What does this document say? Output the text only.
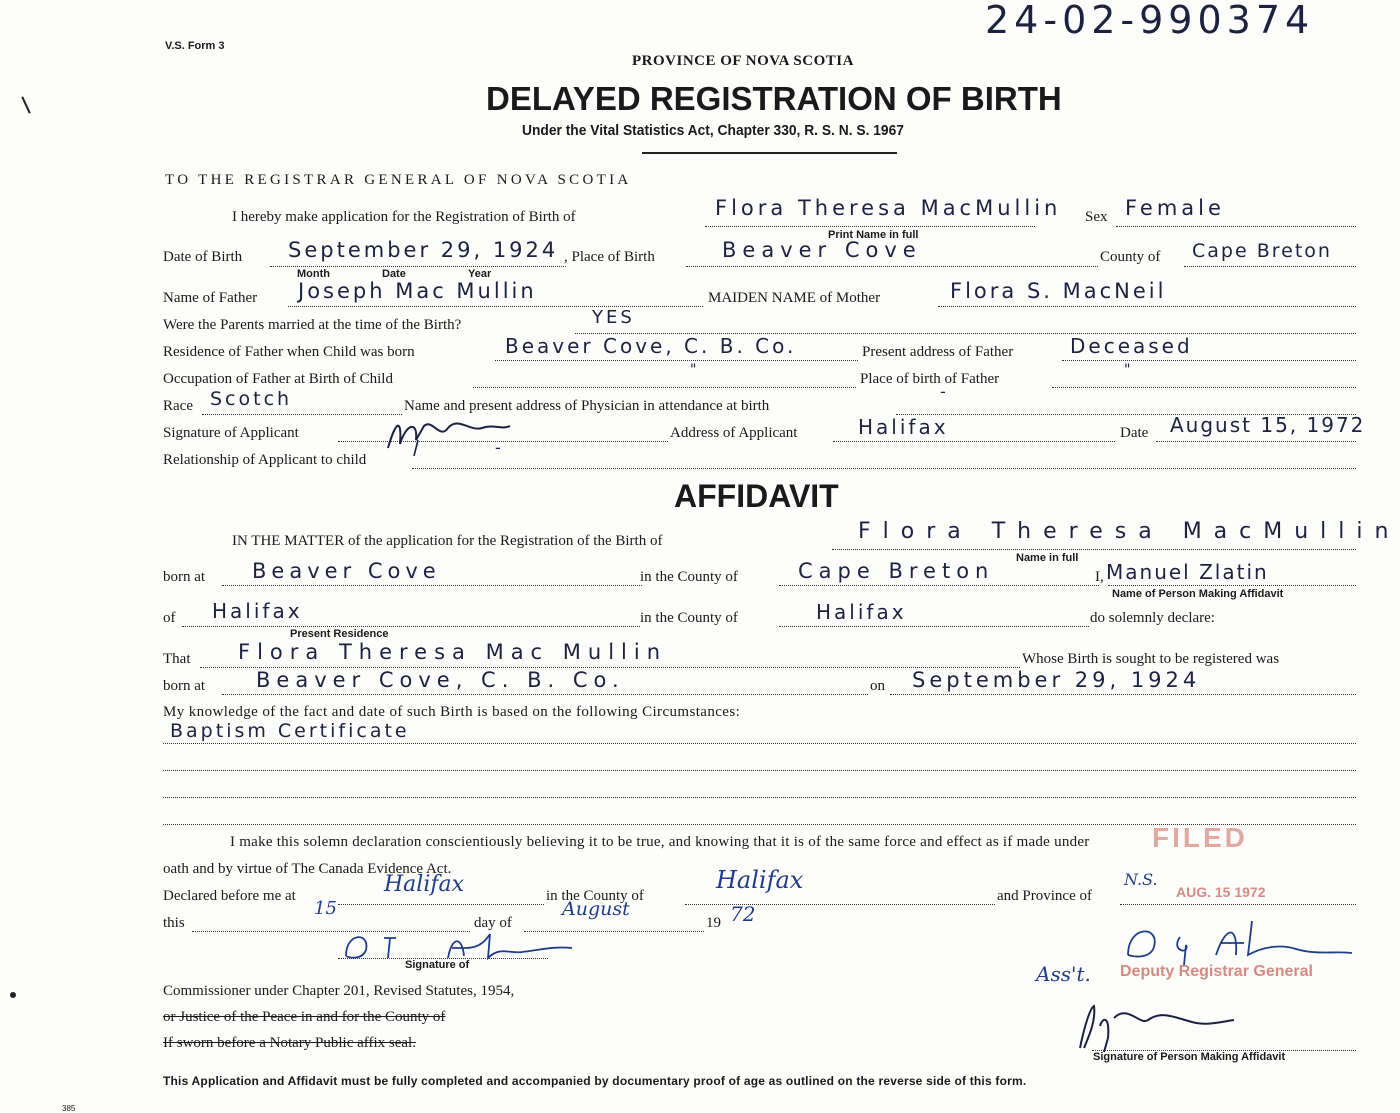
V.S. Form 3
24-02-990374
PROVINCE OF NOVA SCOTIA
DELAYED REGISTRATION OF BIRTH
Under the Vital Statistics Act, Chapter 330, R. S. N. S. 1967
TO THE REGISTRAR GENERAL OF NOVA SCOTIA
I hereby make application for the Registration of Birth of	Flora Theresa MacMullin Sex Female
Print Name in full
Date of Birth September 29, 1924 , Place of Birth	Beaver Cove	County of Cape Breton
Month	Date	Year
Name of Father Joseph Mac Mullin	MAIDEN NAME of Mother	Flora S. MacNeil
Were the Parents married at the time of the Birth?	YES
Residence of Father when Child was born	Beaver Cove, C. B. Co.	Present address of Father	Deceased
Occupation of Father at Birth of Child
"
Place of birth of Father
"
Race Scotch	Name and present address of Physician in attendance at birth
-
Signature of Applicant	Address of Applicant	Halifax	Date August 15, 1972
Relationship of Applicant to child
-
AFFIDAVIT
IN THE MATTER of the application for the Registration of the Birth of	Flora Theresa MacMullin
Name in full
born at Beaver Cove	in the County of	Cape Breton	I, Manuel Zlatin
Name of Person Making Affidavit
of Halifax	in the County of	Halifax	do solemnly declare:
Present Residence
That Flora Theresa Mac Mullin	Whose Birth is sought to be registered was
born at Beaver Cove, C. B. Co.	on September 29, 1924
My knowledge of the fact and date of such Birth is based on the following Circumstances:
Baptism Certificate
I make this solemn declaration conscientiously believing it to be true, and knowing that it is of the same force and effect as if made under
oath and by virtue of The Canada Evidence Act.
Declared before me at	Halifax	in the County of
Halifax
and Province of
N.S.
this
15
day of
August
19 72
Signature of
Commissioner under Chapter 201, Revised Statutes, 1954,
or Justice of the Peace in and for the County of
If sworn before a Notary Public affix seal.
FILED
AUG. 15 1972
Deputy Registrar General
Ass't.
Signature of Person Making Affidavit
This Application and Affidavit must be fully completed and accompanied by documentary proof of age as outlined on the reverse side of this form.
385
